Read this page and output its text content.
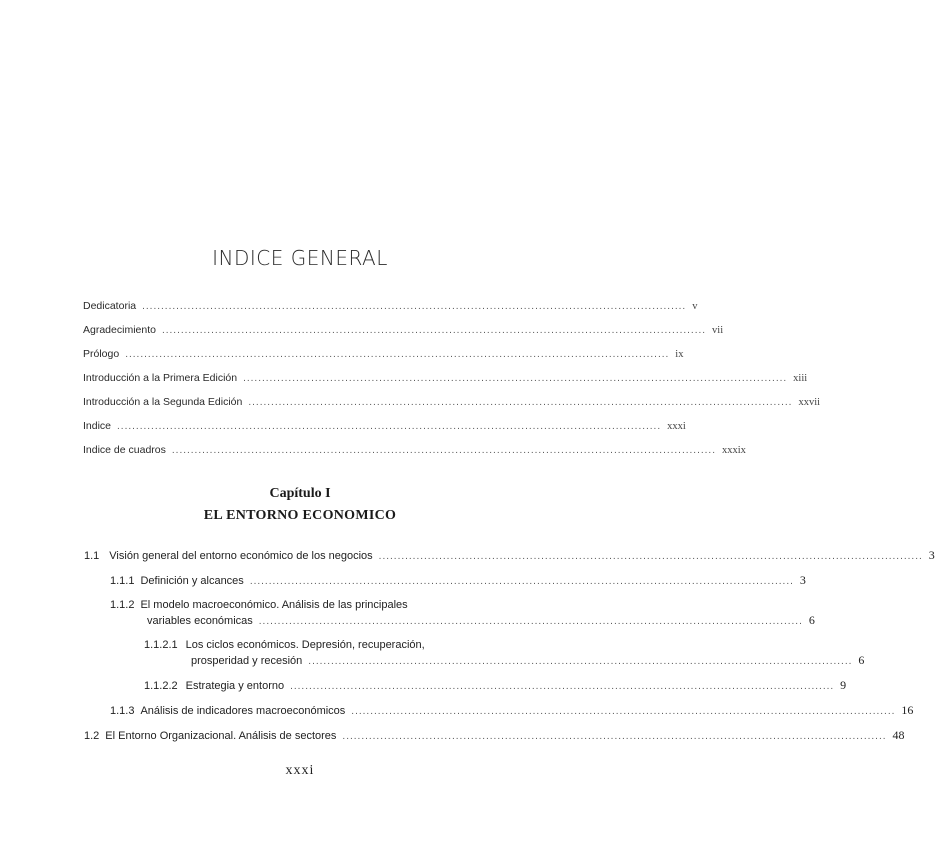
INDICE GENERAL
Dedicatoria ................................................................................................................................................ v
Agradecimiento ................................................................................................................................................ vii
Prólogo ................................................................................................................................................ ix
Introducción a la Primera Edición ................................................................................................................................................ xiii
Introducción a la Segunda Edición ................................................................................................................................................ xxvii
Indice ................................................................................................................................................ xxxi
Indice de cuadros ................................................................................................................................................ xxxix
Capítulo I
EL ENTORNO ECONOMICO
1.1 Visión general del entorno económico de los negocios ................................................................................................................................................ 3
1.1.1 Definición y alcances ................................................................................................................................................ 3
1.1.2 El modelo macroeconómico. Análisis de las principales
variables económicas ................................................................................................................................................ 6
1.1.2.1 Los ciclos económicos. Depresión, recuperación,
prosperidad y recesión ................................................................................................................................................ 6
1.1.2.2 Estrategia y entorno ................................................................................................................................................ 9
1.1.3 Análisis de indicadores macroeconómicos ................................................................................................................................................ 16
1.2 El Entorno Organizacional. Análisis de sectores ................................................................................................................................................ 48
xxxi
